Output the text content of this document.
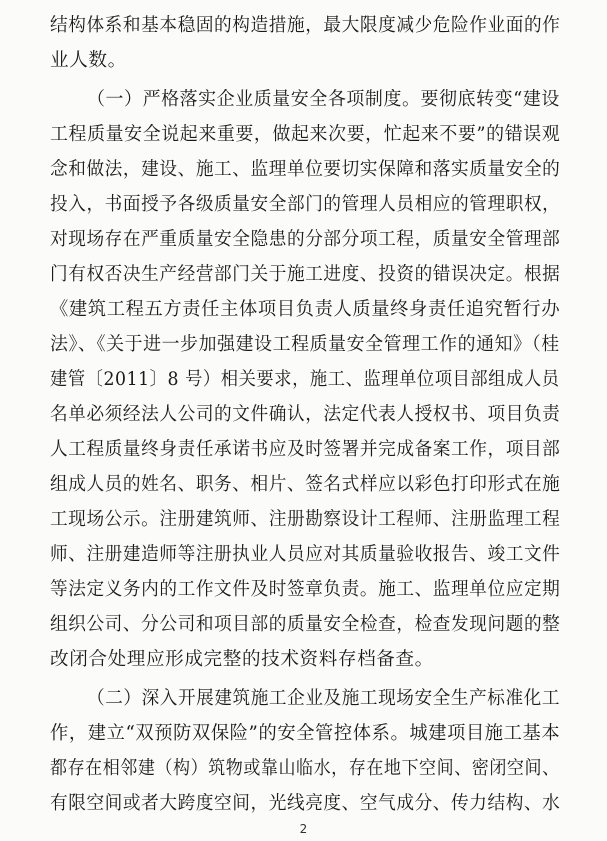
结构体系和基本稳固的构造措施，最大限度减少危险作业面的作
业人数。
（一）严格落实企业质量安全各项制度。要彻底转变“建设
工程质量安全说起来重要，做起来次要，忙起来不要”的错误观
念和做法，建设、施工、监理单位要切实保障和落实质量安全的
投入，书面授予各级质量安全部门的管理人员相应的管理职权，
对现场存在严重质量安全隐患的分部分项工程，质量安全管理部
门有权否决生产经营部门关于施工进度、投资的错误决定。根据
《建筑工程五方责任主体项目负责人质量终身责任追究暂行办
法》、《关于进一步加强建设工程质量安全管理工作的通知》（桂
建管〔2011〕8 号）相关要求，施工、监理单位项目部组成人员
名单必须经法人公司的文件确认，法定代表人授权书、项目负责
人工程质量终身责任承诺书应及时签署并完成备案工作，项目部
组成人员的姓名、职务、相片、签名式样应以彩色打印形式在施
工现场公示。注册建筑师、注册勘察设计工程师、注册监理工程
师、注册建造师等注册执业人员应对其质量验收报告、竣工文件
等法定义务内的工作文件及时签章负责。施工、监理单位应定期
组织公司、分公司和项目部的质量安全检查，检查发现问题的整
改闭合处理应形成完整的技术资料存档备查。
（二）深入开展建筑施工企业及施工现场安全生产标准化工
作，建立“双预防双保险”的安全管控体系。城建项目施工基本
都存在相邻建（构）筑物或靠山临水，存在地下空间、密闭空间、
有限空间或者大跨度空间，光线亮度、空气成分、传力结构、水
2
